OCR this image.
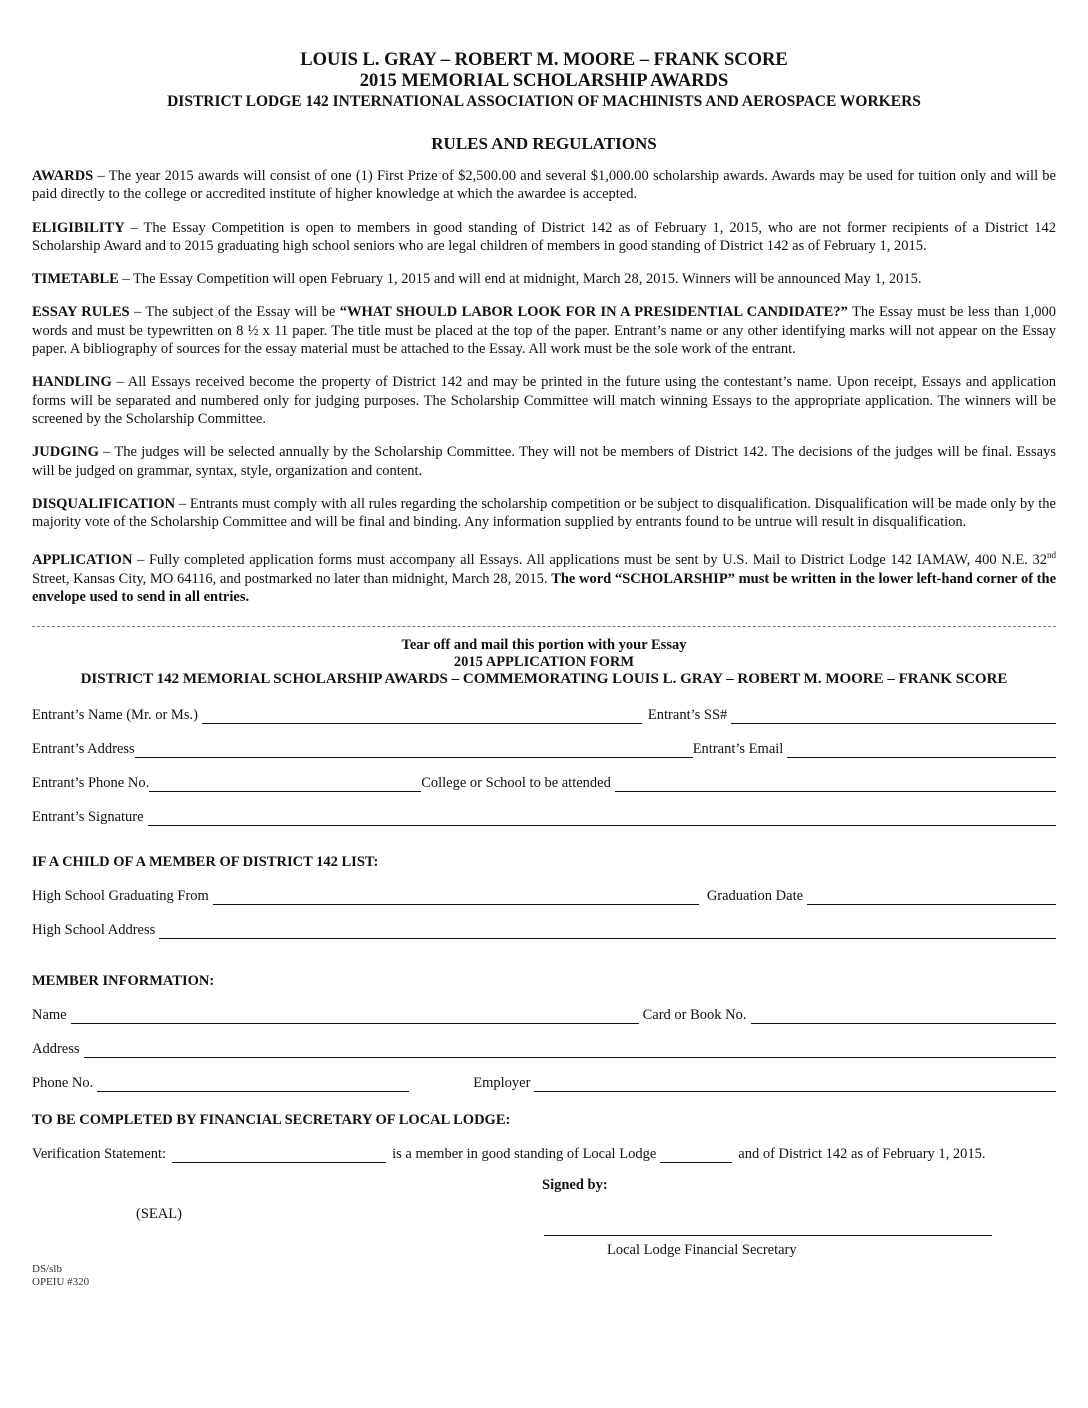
LOUIS L. GRAY – ROBERT M. MOORE – FRANK SCORE
2015 MEMORIAL SCHOLARSHIP AWARDS
DISTRICT LODGE 142 INTERNATIONAL ASSOCIATION OF MACHINISTS AND AEROSPACE WORKERS
RULES AND REGULATIONS

AWARDS – The year 2015 awards will consist of one (1) First Prize of $2,500.00 and several $1,000.00 scholarship awards. Awards may be used for tuition only and will be paid directly to the college or accredited institute of higher knowledge at which the awardee is accepted.

ELIGIBILITY – The Essay Competition is open to members in good standing of District 142 as of February 1, 2015, who are not former recipients of a District 142 Scholarship Award and to 2015 graduating high school seniors who are legal children of members in good standing of District 142 as of February 1, 2015.

TIMETABLE – The Essay Competition will open February 1, 2015 and will end at midnight, March 28, 2015. Winners will be announced May 1, 2015.

ESSAY RULES – The subject of the Essay will be “WHAT SHOULD LABOR LOOK FOR IN A PRESIDENTIAL CANDIDATE?” The Essay must be less than 1,000 words and must be typewritten on 8 ½ x 11 paper. The title must be placed at the top of the paper. Entrant’s name or any other identifying marks will not appear on the Essay paper. A bibliography of sources for the essay material must be attached to the Essay. All work must be the sole work of the entrant.

HANDLING – All Essays received become the property of District 142 and may be printed in the future using the contestant’s name. Upon receipt, Essays and application forms will be separated and numbered only for judging purposes. The Scholarship Committee will match winning Essays to the appropriate application. The winners will be screened by the Scholarship Committee.

JUDGING – The judges will be selected annually by the Scholarship Committee. They will not be members of District 142. The decisions of the judges will be final. Essays will be judged on grammar, syntax, style, organization and content.

DISQUALIFICATION – Entrants must comply with all rules regarding the scholarship competition or be subject to disqualification. Disqualification will be made only by the majority vote of the Scholarship Committee and will be final and binding. Any information supplied by entrants found to be untrue will result in disqualification.

APPLICATION – Fully completed application forms must accompany all Essays. All applications must be sent by U.S. Mail to District Lodge 142 IAMAW, 400 N.E. 32nd Street, Kansas City, MO 64116, and postmarked no later than midnight, March 28, 2015. The word “SCHOLARSHIP” must be written in the lower left-hand corner of the envelope used to send in all entries.

Tear off and mail this portion with your Essay
2015 APPLICATION FORM
DISTRICT 142 MEMORIAL SCHOLARSHIP AWARDS – COMMEMORATING LOUIS L. GRAY – ROBERT M. MOORE – FRANK SCORE
Entrant’s Name (Mr. or Ms.)	Entrant’s SS#
Entrant’s Address	Entrant’s Email
Entrant’s Phone No.	College or School to be attended
Entrant’s Signature
IF A CHILD OF A MEMBER OF DISTRICT 142 LIST:
High School Graduating From	Graduation Date
High School Address
MEMBER INFORMATION:
Name	Card or Book No.
Address
Phone No.	Employer
TO BE COMPLETED BY FINANCIAL SECRETARY OF LOCAL LODGE:
Verification Statement:	is a member in good standing of Local Lodge	and of District 142 as of February 1, 2015.
Signed by:
(SEAL)
Local Lodge Financial Secretary
DS/slb
OPEIU #320
